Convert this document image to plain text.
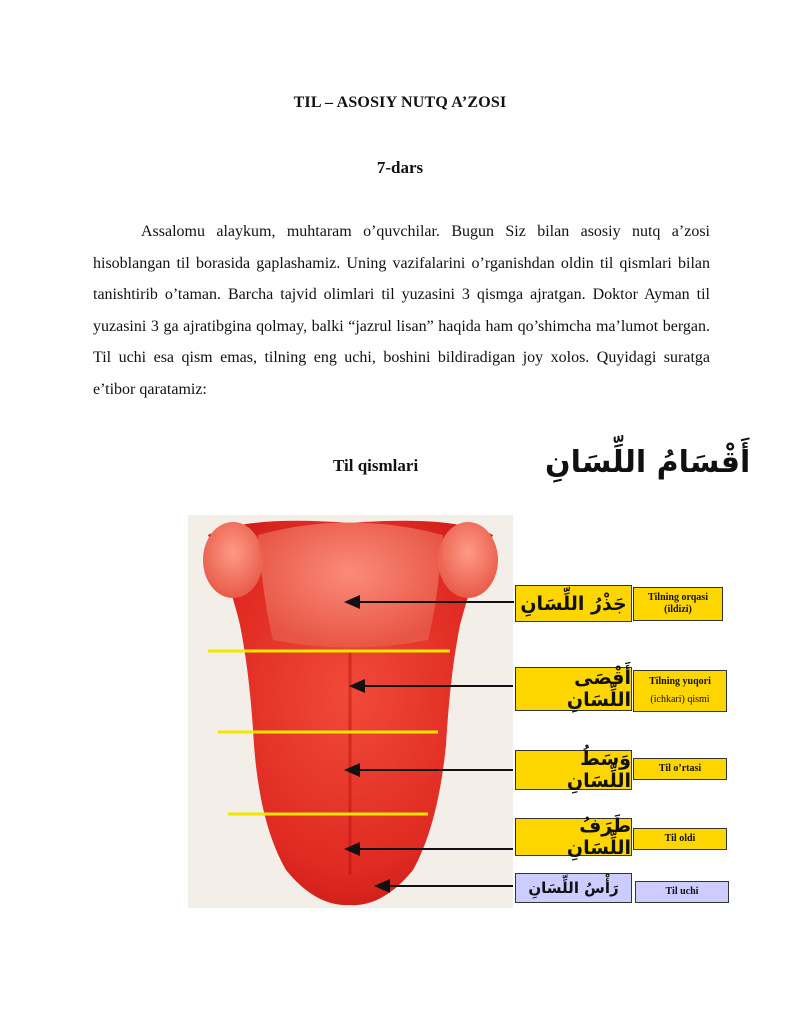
TIL – ASOSIY NUTQ A’ZOSI
7-dars

Assalomu alaykum, muhtaram o’quvchilar. Bugun Siz bilan asosiy nutq a’zosi hisoblangan til borasida gaplashamiz. Uning vazifalarini o’rganishdan oldin til qismlari bilan tanishtirib o’taman. Barcha tajvid olimlari til yuzasini 3 qismga ajratgan. Doktor Ayman til yuzasini 3 ga ajratibgina qolmay, balki “jazrul lisan” haqida ham qo’shimcha ma’lumot bergan. Til uchi esa qism emas, tilning eng uchi, boshini bildiradigan joy xolos. Quyidagi suratga e’tibor qaratamiz:

Til qismlari	أَقْسَامُ اللِّسَانِ
جَذْرُ اللِّسَانِ
أَقْصَى اللِّسَانِ
وَسَطُ اللِّسَانِ
طَرَفُ اللِّسَانِ
رَأْسُ اللِّسَانِ
Tilning orqasi
(ildizi)
Tilning yuqori
(ichkari) qismi
Til o’rtasi
Til oldi
Til uchi
